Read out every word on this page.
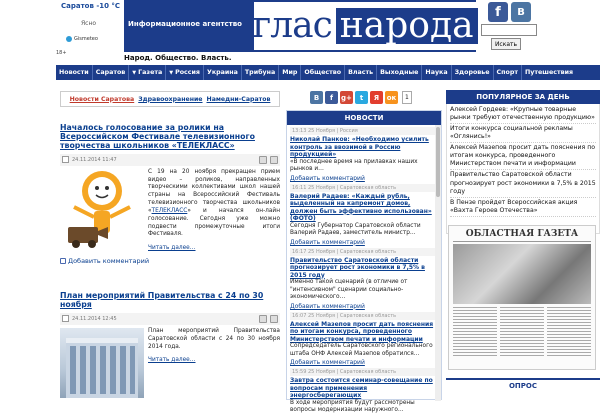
Саратов -10 °C
Ясно
Gismeteo
18+
Информационное агентство глас народа
Народ. Общество. Власть.
f	B
Искать
Новости Саратов ▼ Газета ▼ Россия Украина Трибуна Мир Общество Власть Выходные Наука Здоровье Спорт Путешествия
Новости Саратова Здравоохранение Намедни-Саратов
Началось голосование за ролики на Всероссийском Фестивале телевизионного творчества школьников «ТЕЛЕКЛАСС»
24.11.2014 11:47
С 19 на 20 ноября прекращен прием видео – роликов, направленных творческими коллективами школ нашей страны на Всероссийский Фестиваль телевизионного творчества школьников «ТЕЛЕКЛАСС» и начался он-лайн голосование. Сегодня уже можно подвести промежуточные итоги Фестиваля.
Читать далее…
Добавить комментарий
План мероприятий Правительства с 24 по 30 ноября
24.11.2014 12:45
План мероприятий Правительства Саратовской области с 24 по 30 ноября 2014 года.
Читать далее…
B	f	g+	t	Я	ок	1
НОВОСТИ
13:13 25 Ноября | Россия
Николай Панков: «Необходимо усилить контроль за ввозимой в Россию продукцией»
«В последнее время на прилавках наших рынков и…
Добавить комментарий
16:11 25 Ноября | Саратовская область
Валерий Радаев: «Каждый рубль, выделенный на капремонт домов, должен быть эффективно использован» (ФОТО)
Сегодня Губернатор Саратовской области Валерий Радаев, заместитель министр…
Добавить комментарий
16:17 25 Ноября | Саратовская область
Правительство Саратовской области прогнозирует рост экономики в 7,5% в 2015 году
Именно такой сценарий (в отличие от "интенсивном" сценарии социально-экономического…
Добавить комментарий
16:07 25 Ноября | Саратовская область
Алексей Мазепов просит дать пояснения по итогам конкурса, проведенного Министерством печати и информации
Сопредседатель Саратовского регионального штаба ОНФ Алексей Мазепов обратился…
Добавить комментарий
15:59 25 Ноября | Саратовская область
Завтра состоится семинар-совещание по вопросам применения энергосберегающих
В ходе мероприятия будут рассмотрены вопросы модернизации наружного…
ПОПУЛЯРНОЕ ЗА ДЕНЬ
Алексей Гордеев: «Крупные товарные рынки требуют отечественную продукцию»
Итоги конкурса социальной рекламы «Оглянись!»
Алексей Мазепов просит дать пояснения по итогам конкурса, проведенного Министерством печати и информации
Правительство Саратовской области прогнозирует рост экономики в 7,5% в 2015 году
В Пензе пройдет Всероссийская акция «Вахта Героев Отечества»
ОБЛАСТНАЯ ГАЗЕТА
ОПРОС
